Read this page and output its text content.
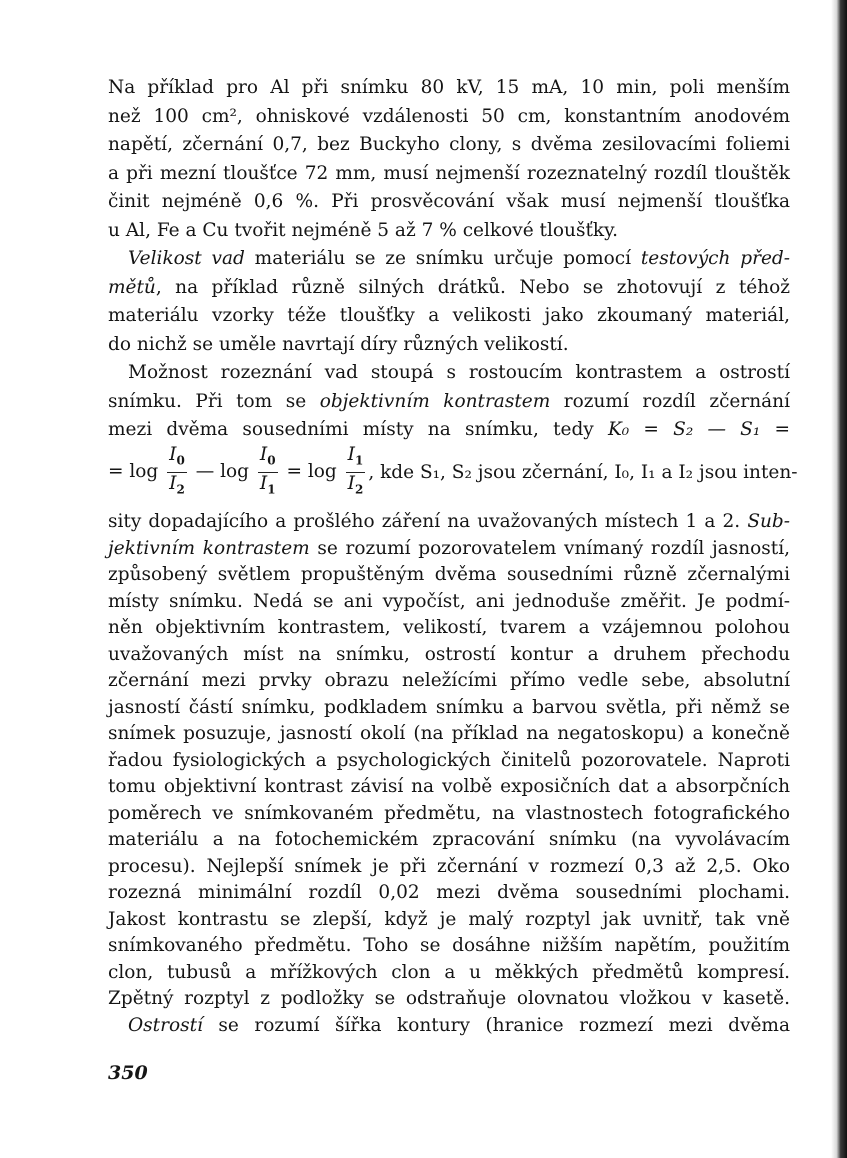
Na příklad pro Al při snímku 80 kV, 15 mA, 10 min, poli menším
než 100 cm², ohniskové vzdálenosti 50 cm, konstantním anodovém
napětí, zčernání 0,7, bez Buckyho clony, s dvěma zesilovacími foliemi
a při mezní tloušťce 72 mm, musí nejmenší rozeznatelný rozdíl tlouštěk
činit nejméně 0,6 %. Při prosvěcování však musí nejmenší tloušťka
u Al, Fe a Cu tvořit nejméně 5 až 7 % celkové tloušťky.
Velikost vad materiálu se ze snímku určuje pomocí testových před-
mětů, na příklad různě silných drátků. Nebo se zhotovují z téhož
materiálu vzorky téže tloušťky a velikosti jako zkoumaný materiál,
do nichž se uměle navrtají díry různých velikostí.
Možnost rozeznání vad stoupá s rostoucím kontrastem a ostrostí
snímku. Při tom se objektivním kontrastem rozumí rozdíl zčernání
mezi dvěma sousedními místy na snímku, tedy K₀ = S₂ — S₁ =
sity dopadajícího a prošlého záření na uvažovaných místech 1 a 2. Sub-
jektivním kontrastem se rozumí pozorovatelem vnímaný rozdíl jasností,
způsobený světlem propuštěným dvěma sousedními různě zčernalými
místy snímku. Nedá se ani vypočíst, ani jednoduše změřit. Je podmí-
něn objektivním kontrastem, velikostí, tvarem a vzájemnou polohou
uvažovaných míst na snímku, ostrostí kontur a druhem přechodu
zčernání mezi prvky obrazu neležícími přímo vedle sebe, absolutní
jasností částí snímku, podkladem snímku a barvou světla, při němž se
snímek posuzuje, jasností okolí (na příklad na negatoskopu) a konečně
řadou fysiologických a psychologických činitelů pozorovatele. Naproti
tomu objektivní kontrast závisí na volbě exposičních dat a absorpčních
poměrech ve snímkovaném předmětu, na vlastnostech fotografického
materiálu a na fotochemickém zpracování snímku (na vyvolávacím
procesu). Nejlepší snímek je při zčernání v rozmezí 0,3 až 2,5. Oko
rozezná minimální rozdíl 0,02 mezi dvěma sousedními plochami.
Jakost kontrastu se zlepší, když je malý rozptyl jak uvnitř, tak vně
snímkovaného předmětu. Toho se dosáhne nižším napětím, použitím
clon, tubusů a mřížkových clon a u měkkých předmětů kompresí.
Zpětný rozptyl z podložky se odstraňuje olovnatou vložkou v kasetě.
Ostrostí se rozumí šířka kontury (hranice rozmezí mezi dvěma
= $\log \frac{I_0}{I_2}$ — $\log \frac{I_0}{I_1} = \log \frac{I_1}{I_2}$ , kde S₁, S₂ jsou zčernání, I₀, I₁ a I₂ jsou inten-
350
